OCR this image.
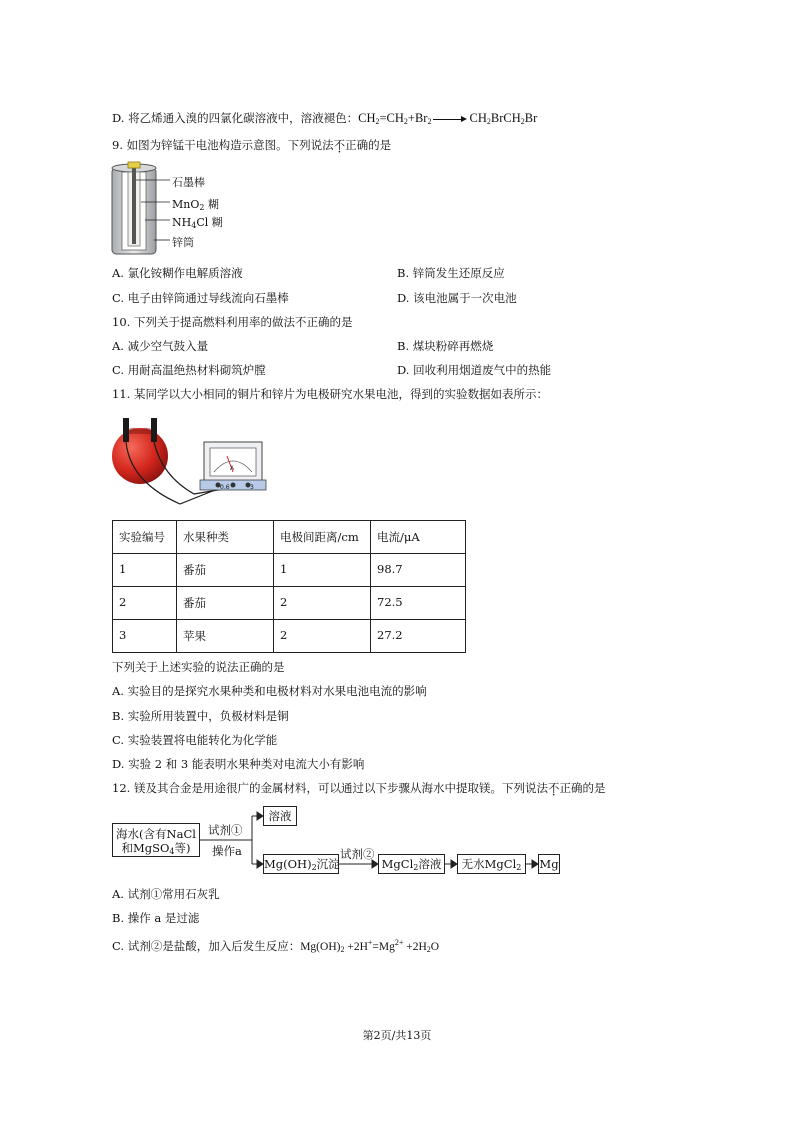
D. 将乙烯通入溴的四氯化碳溶液中，溶液褪色：$CH_2=CH_2+Br_2$	$CH_2BrCH_2Br$
9. 如图为锌锰干电池构造示意图。下列说法不正确的是
石墨棒
MnO$_2$ 糊
$NH_4Cl$ 糊
锌筒
A. 氯化铵糊作电解质溶液	B. 锌筒发生还原反应
C. 电子由锌筒通过导线流向石墨棒	D. 该电池属于一次电池
10. 下列关于提高燃料利用率的做法不正确的是
A. 减少空气鼓入量	B. 煤块粉碎再燃烧
C. 用耐高温绝热材料砌筑炉膛	D. 回收利用烟道废气中的热能
11. 某同学以大小相同的铜片和锌片为电极研究水果电池，得到的实验数据如表所示：
A
0.6	3
实验编号	水果种类	电极间距离/cm	电流/μA
1	番茄	1	98.7
2	番茄	2	72.5
3	苹果	2	27.2
下列关于上述实验的说法正确的是
A. 实验目的是探究水果种类和电极材料对水果电池电流的影响
B. 实验所用装置中，负极材料是铜
C. 实验装置将电能转化为化学能
D. 实验 2 和 3 能表明水果种类对电流大小有影响
12. 镁及其合金是用途很广的金属材料，可以通过以下步骤从海水中提取镁。下列说法不正确的是
海水(含有NaCl
和MgSO$_4$等)
试剂①
操作a
溶液
$Mg(OH)_2$沉淀
试剂②
MgCl$_2$溶液	无水MgCl$_2$	Mg
A. 试剂①常用石灰乳
B. 操作 a 是过滤
C. 试剂②是盐酸，加入后发生反应：$Mg(OH)_2 +2H^+=Mg^{2+} +2H_2O$
第2页/共13页
